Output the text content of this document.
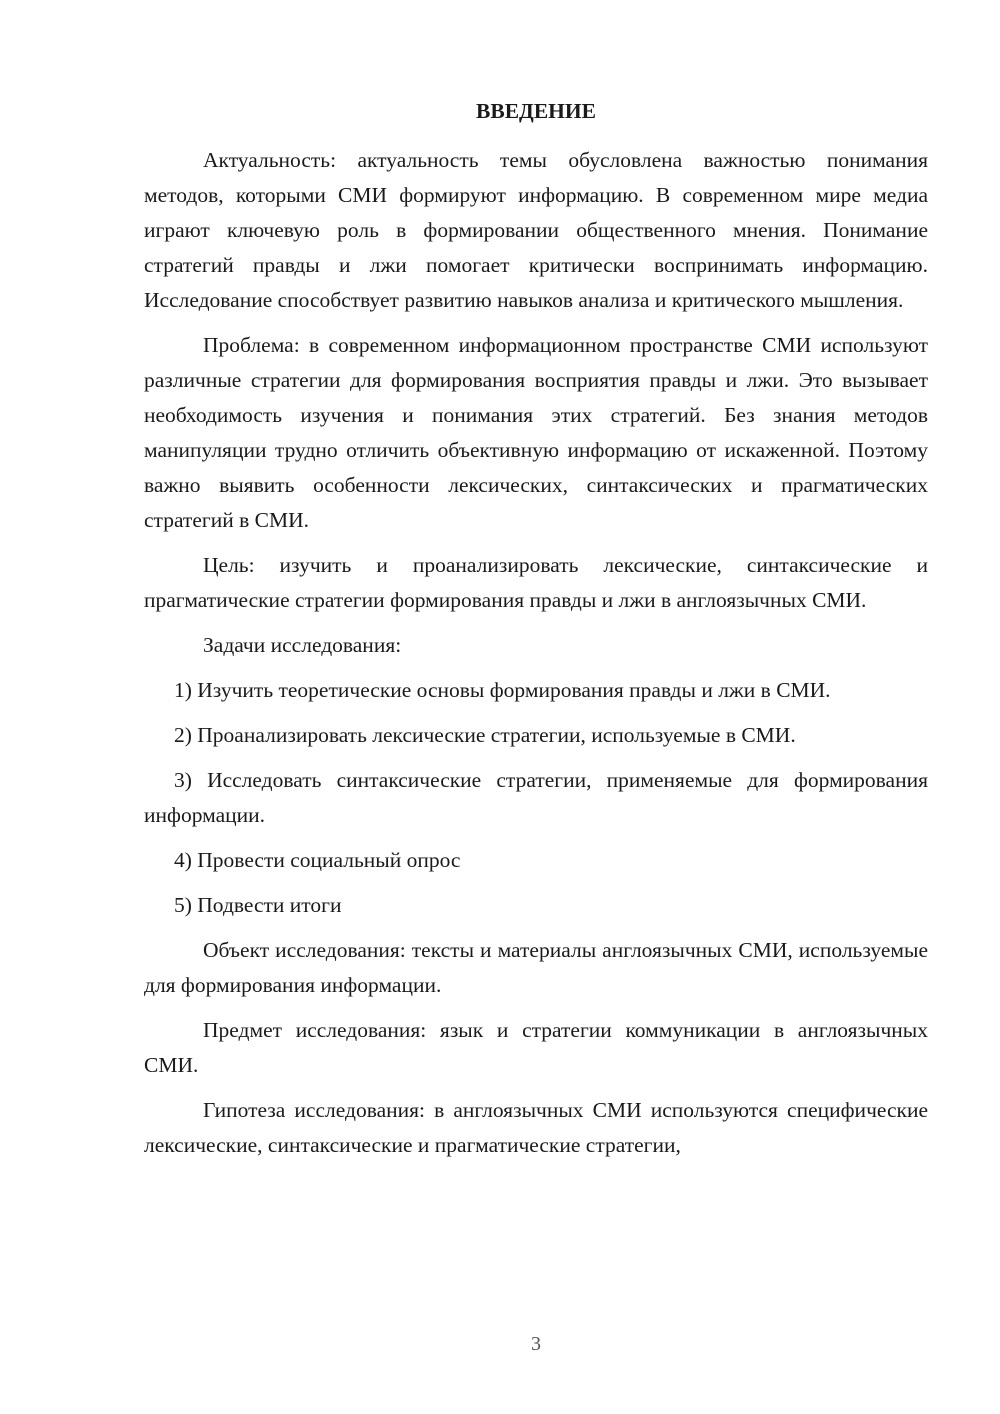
ВВЕДЕНИЕ

Актуальность: актуальность темы обусловлена важностью понимания методов, которыми СМИ формируют информацию. В современном мире медиа играют ключевую роль в формировании общественного мнения. Понимание стратегий правды и лжи помогает критически воспринимать информацию. Исследование способствует развитию навыков анализа и критического мышления.

Проблема: в современном информационном пространстве СМИ используют различные стратегии для формирования восприятия правды и лжи. Это вызывает необходимость изучения и понимания этих стратегий. Без знания методов манипуляции трудно отличить объективную информацию от искаженной. Поэтому важно выявить особенности лексических, синтаксических и прагматических стратегий в СМИ.

Цель: изучить и проанализировать лексические, синтаксические и прагматические стратегии формирования правды и лжи в англоязычных СМИ.

Задачи исследования:

1) Изучить теоретические основы формирования правды и лжи в СМИ.

2) Проанализировать лексические стратегии, используемые в СМИ.

3) Исследовать синтаксические стратегии, применяемые для формирования информации.

4) Провести социальный опрос

5) Подвести итоги

Объект исследования: тексты и материалы англоязычных СМИ, используемые для формирования информации.

Предмет исследования: язык и стратегии коммуникации в англоязычных СМИ.

Гипотеза исследования: в англоязычных СМИ используются специфические лексические, синтаксические и прагматические стратегии,

3
